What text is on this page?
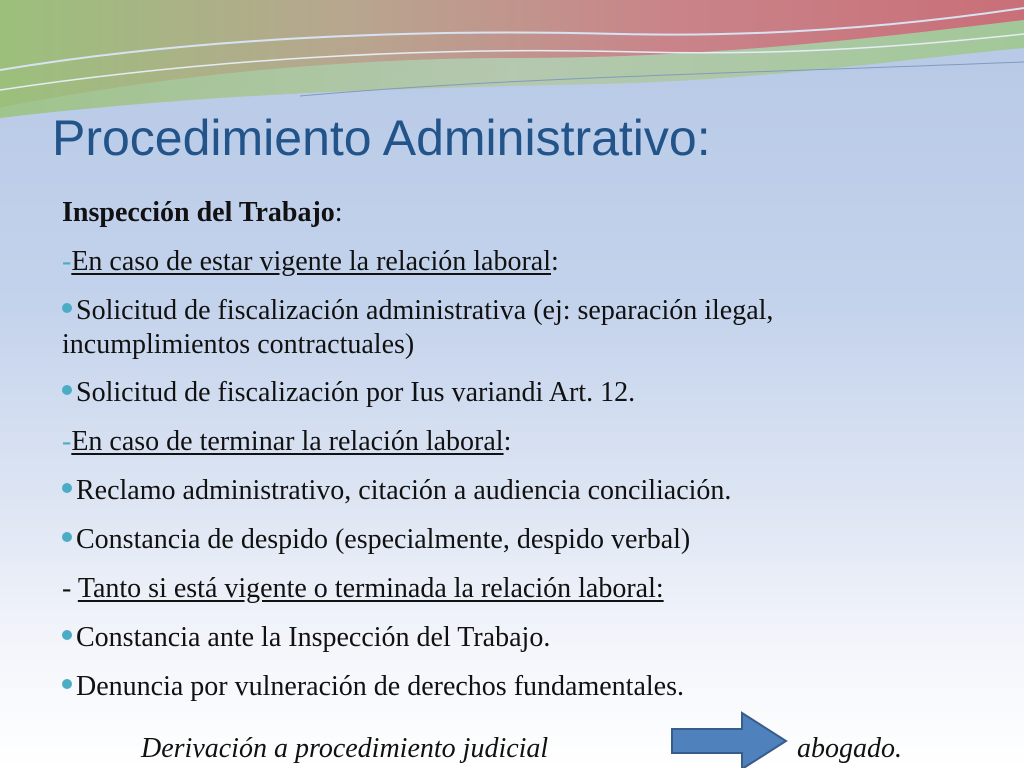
Procedimiento Administrativo:
Inspección del Trabajo:
-En caso de estar vigente la relación laboral:
Solicitud de fiscalización administrativa (ej: separación ilegal, incumplimientos contractuales)
Solicitud de fiscalización por Ius variandi Art. 12.
-En caso de terminar la relación laboral:
Reclamo administrativo, citación a audiencia conciliación.
Constancia de despido (especialmente, despido verbal)
- Tanto si está vigente o terminada la relación laboral:
Constancia ante la Inspección del Trabajo.
Denuncia por vulneración de derechos fundamentales.
Derivación a procedimiento judicial	abogado.
